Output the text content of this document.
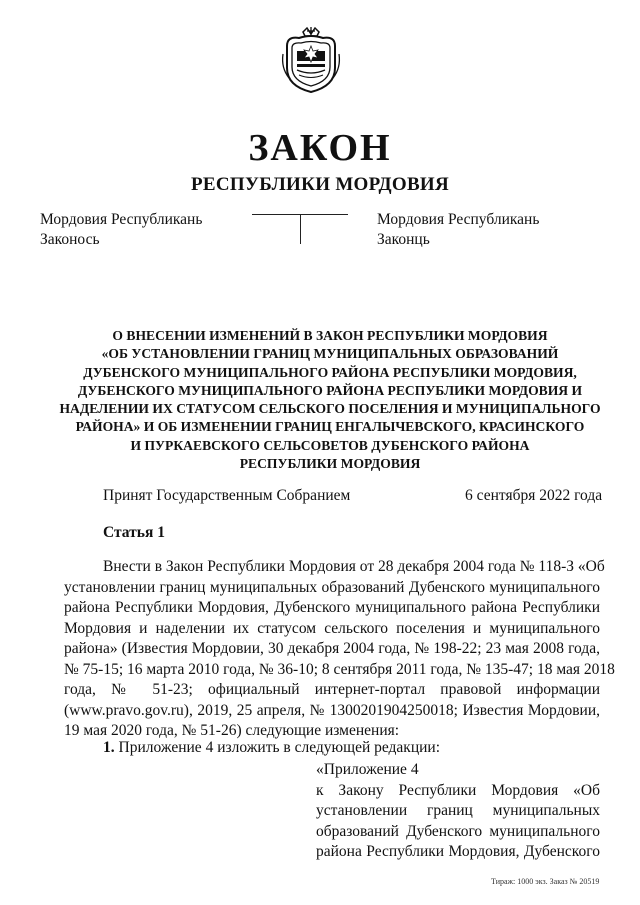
ЗАКОН
РЕСПУБЛИКИ МОРДОВИЯ
Мордовия Республикань
Законось
Мордовия Республикань
Законць
О ВНЕСЕНИИ ИЗМЕНЕНИЙ В ЗАКОН РЕСПУБЛИКИ МОРДОВИЯ
«ОБ УСТАНОВЛЕНИИ ГРАНИЦ МУНИЦИПАЛЬНЫХ ОБРАЗОВАНИЙ
ДУБЕНСКОГО МУНИЦИПАЛЬНОГО РАЙОНА РЕСПУБЛИКИ МОРДОВИЯ,
ДУБЕНСКОГО МУНИЦИПАЛЬНОГО РАЙОНА РЕСПУБЛИКИ МОРДОВИЯ И
НАДЕЛЕНИИ ИХ СТАТУСОМ СЕЛЬСКОГО ПОСЕЛЕНИЯ И МУНИЦИПАЛЬНОГО
РАЙОНА» И ОБ ИЗМЕНЕНИИ ГРАНИЦ ЕНГАЛЫЧЕВСКОГО, КРАСИНСКОГО
И ПУРКАЕВСКОГО СЕЛЬСОВЕТОВ ДУБЕНСКОГО РАЙОНА
РЕСПУБЛИКИ МОРДОВИЯ
Принят Государственным Собранием	6 сентября 2022 года
Статья 1
Внести в Закон Республики Мордовия от 28 декабря 2004 года № 118-З «Об
установлении границ муниципальных образований Дубенского муниципального
района Республики Мордовия, Дубенского муниципального района Республики
Мордовия и наделении их статусом сельского поселения и муниципального
района» (Известия Мордовии, 30 декабря 2004 года, № 198-22; 23 мая 2008 года,
№ 75-15; 16 марта 2010 года, № 36-10; 8 сентября 2011 года, № 135-47; 18 мая 2018
года, № 51-23; официальный интернет-портал правовой информации
(www.pravo.gov.ru), 2019, 25 апреля, № 1300201904250018; Известия Мордовии,
19 мая 2020 года, № 51-26) следующие изменения:
1. Приложение 4 изложить в следующей редакции:
«Приложение 4
к Закону Республики Мордовия «Об
установлении границ муниципальных
образований Дубенского муниципального
района Республики Мордовия, Дубенского
Тираж: 1000 экз. Заказ № 20519
